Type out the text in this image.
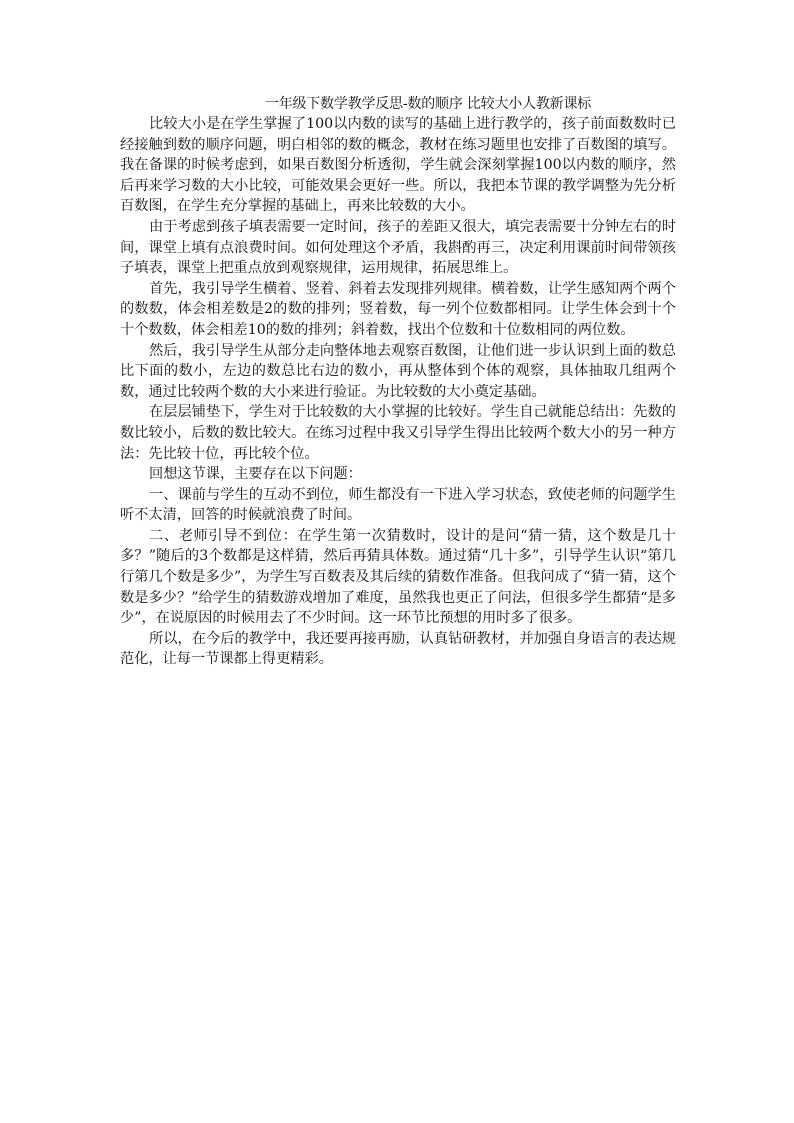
一年级下数学教学反思-数的顺序 比较大小人教新课标

比较大小是在学生掌握了100以内数的读写的基础上进行教学的，孩子前面数数时已经接触到数的顺序问题，明白相邻的数的概念，教材在练习题里也安排了百数图的填写。我在备课的时候考虑到，如果百数图分析透彻，学生就会深刻掌握100以内数的顺序，然后再来学习数的大小比较，可能效果会更好一些。所以，我把本节课的教学调整为先分析百数图，在学生充分掌握的基础上，再来比较数的大小。

由于考虑到孩子填表需要一定时间，孩子的差距又很大，填完表需要十分钟左右的时间，课堂上填有点浪费时间。如何处理这个矛盾，我斟酌再三，决定利用课前时间带领孩子填表，课堂上把重点放到观察规律，运用规律，拓展思维上。

首先，我引导学生横着、竖着、斜着去发现排列规律。横着数，让学生感知两个两个的数数，体会相差数是2的数的排列；竖着数，每一列个位数都相同。让学生体会到十个十个数数，体会相差10的数的排列；斜着数，找出个位数和十位数相同的两位数。

然后，我引导学生从部分走向整体地去观察百数图，让他们进一步认识到上面的数总比下面的数小，左边的数总比右边的数小，再从整体到个体的观察，具体抽取几组两个数，通过比较两个数的大小来进行验证。为比较数的大小奠定基础。

在层层铺垫下，学生对于比较数的大小掌握的比较好。学生自己就能总结出：先数的数比较小，后数的数比较大。在练习过程中我又引导学生得出比较两个数大小的另一种方法：先比较十位，再比较个位。

回想这节课，主要存在以下问题：

一、课前与学生的互动不到位，师生都没有一下进入学习状态，致使老师的问题学生听不太清，回答的时候就浪费了时间。

二、老师引导不到位：在学生第一次猜数时，设计的是问“猜一猜，这个数是几十多？”随后的3个数都是这样猜，然后再猜具体数。通过猜“几十多”，引导学生认识“第几行第几个数是多少”，为学生写百数表及其后续的猜数作准备。但我问成了“猜一猜，这个数是多少？”给学生的猜数游戏增加了难度，虽然我也更正了问法，但很多学生都猜“是多少”，在说原因的时候用去了不少时间。这一环节比预想的用时多了很多。

所以，在今后的教学中，我还要再接再励，认真钻研教材，并加强自身语言的表达规范化，让每一节课都上得更精彩。
